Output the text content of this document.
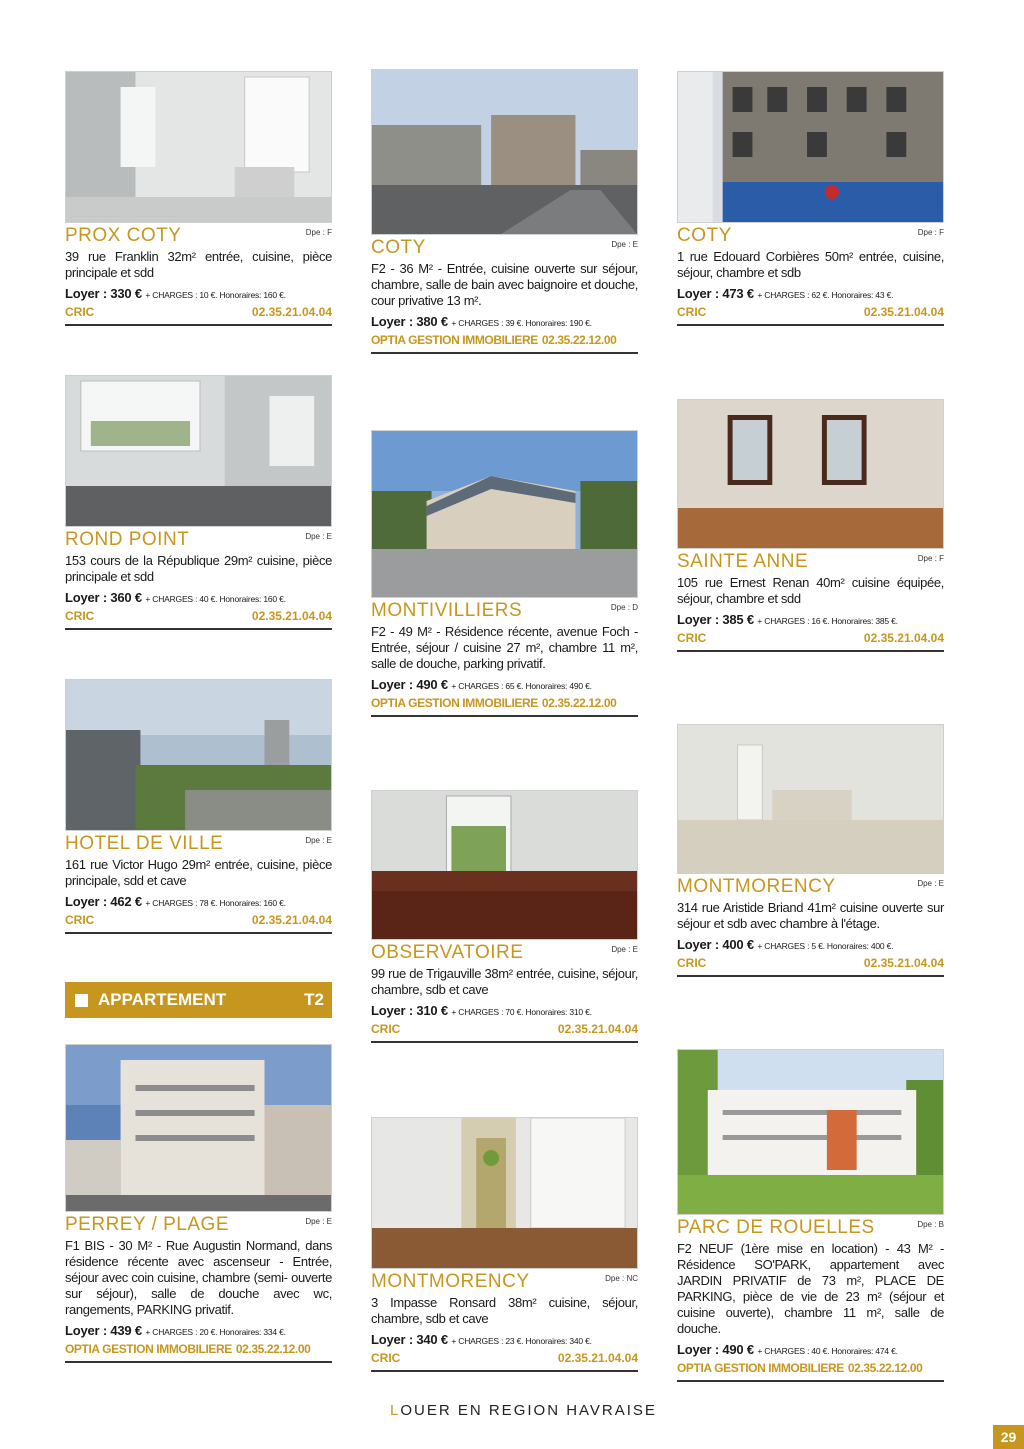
PROX COTY	Dpe : F
39 rue Franklin 32m² entrée, cuisine, pièce principale et sdd
Loyer : 330 € + CHARGES : 10 €. Honoraires: 160 €.
CRIC	02.35.21.04.04
ROND POINT	Dpe : E
153 cours de la République 29m² cuisine, pièce principale et sdd
Loyer : 360 € + CHARGES : 40 €. Honoraires: 160 €.
CRIC	02.35.21.04.04
HOTEL DE VILLE	Dpe : E
161 rue Victor Hugo 29m² entrée, cuisine, pièce principale, sdd et cave
Loyer : 462 € + CHARGES : 78 €. Honoraires: 160 €.
CRIC	02.35.21.04.04
APPARTEMENT	T2
PERREY / PLAGE	Dpe : E
F1 BIS - 30 M² - Rue Augustin Normand, dans résidence récente avec ascenseur - Entrée, séjour avec coin cuisine, chambre (semi- ouverte sur séjour), salle de douche avec wc, rangements, PARKING privatif.
Loyer : 439 € + CHARGES : 20 €. Honoraires: 334 €.
OPTIA GESTION IMMOBILIERE 02.35.22.12.00
COTY	Dpe : E
F2 - 36 M² - Entrée, cuisine ouverte sur séjour, chambre, salle de bain avec baignoire et douche, cour privative 13 m².
Loyer : 380 € + CHARGES : 39 €. Honoraires: 190 €.
OPTIA GESTION IMMOBILIERE 02.35.22.12.00
MONTIVILLIERS	Dpe : D
F2 - 49 M² - Résidence récente, avenue Foch - Entrée, séjour / cuisine 27 m², chambre 11 m², salle de douche, parking privatif.
Loyer : 490 € + CHARGES : 65 €. Honoraires: 490 €.
OPTIA GESTION IMMOBILIERE 02.35.22.12.00
OBSERVATOIRE	Dpe : E
99 rue de Trigauville 38m² entrée, cuisine, séjour, chambre, sdb et cave
Loyer : 310 € + CHARGES : 70 €. Honoraires: 310 €.
CRIC	02.35.21.04.04
MONTMORENCY	Dpe : NC
3 Impasse Ronsard 38m² cuisine, séjour, chambre, sdb et cave
Loyer : 340 € + CHARGES : 23 €. Honoraires: 340 €.
CRIC	02.35.21.04.04
COTY	Dpe : F
1 rue Edouard Corbières 50m² entrée, cuisine, séjour, chambre et sdb
Loyer : 473 € + CHARGES : 62 €. Honoraires: 43 €.
CRIC	02.35.21.04.04
SAINTE ANNE	Dpe : F
105 rue Ernest Renan 40m² cuisine équipée, séjour, chambre et sdd
Loyer : 385 € + CHARGES : 16 €. Honoraires: 385 €.
CRIC	02.35.21.04.04
MONTMORENCY	Dpe : E
314 rue Aristide Briand 41m² cuisine ouverte sur séjour et sdb avec chambre à l'étage.
Loyer : 400 € + CHARGES : 5 €. Honoraires: 400 €.
CRIC	02.35.21.04.04
PARC DE ROUELLES	Dpe : B
F2 NEUF (1ère mise en location) - 43 M² - Résidence SO'PARK, appartement avec JARDIN PRIVATIF de 73 m², PLACE DE PARKING, pièce de vie de 23 m² (séjour et cuisine ouverte), chambre 11 m², salle de douche.
Loyer : 490 € + CHARGES : 40 €. Honoraires: 474 €.
OPTIA GESTION IMMOBILIERE 02.35.22.12.00
LOUER EN REGION HAVRAISE
29
